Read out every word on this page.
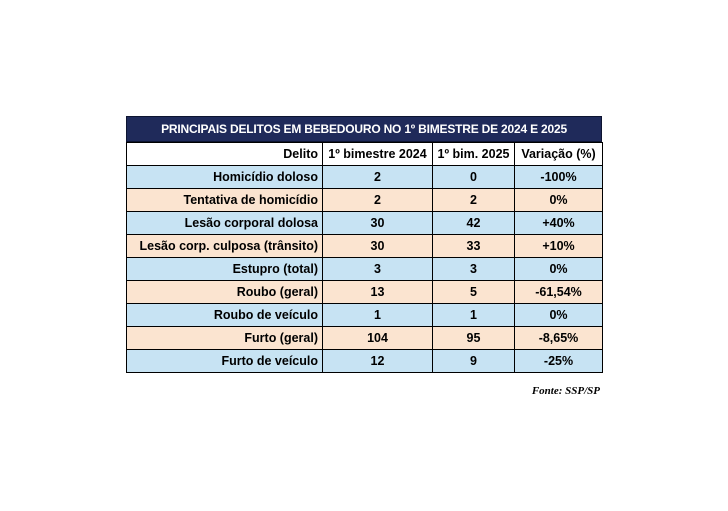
PRINCIPAIS DELITOS EM BEBEDOURO NO 1º BIMESTRE DE 2024 E 2025
Delito	1º bimestre 2024	1º bim. 2025	Variação (%)
Homicídio doloso	2	0	-100%
Tentativa de homicídio	2	2	0%
Lesão corporal dolosa	30	42	+40%
Lesão corp. culposa (trânsito)	30	33	+10%
Estupro (total)	3	3	0%
Roubo (geral)	13	5	-61,54%
Roubo de veículo	1	1	0%
Furto (geral)	104	95	-8,65%
Furto de veículo	12	9	-25%
Fonte: SSP/SP
